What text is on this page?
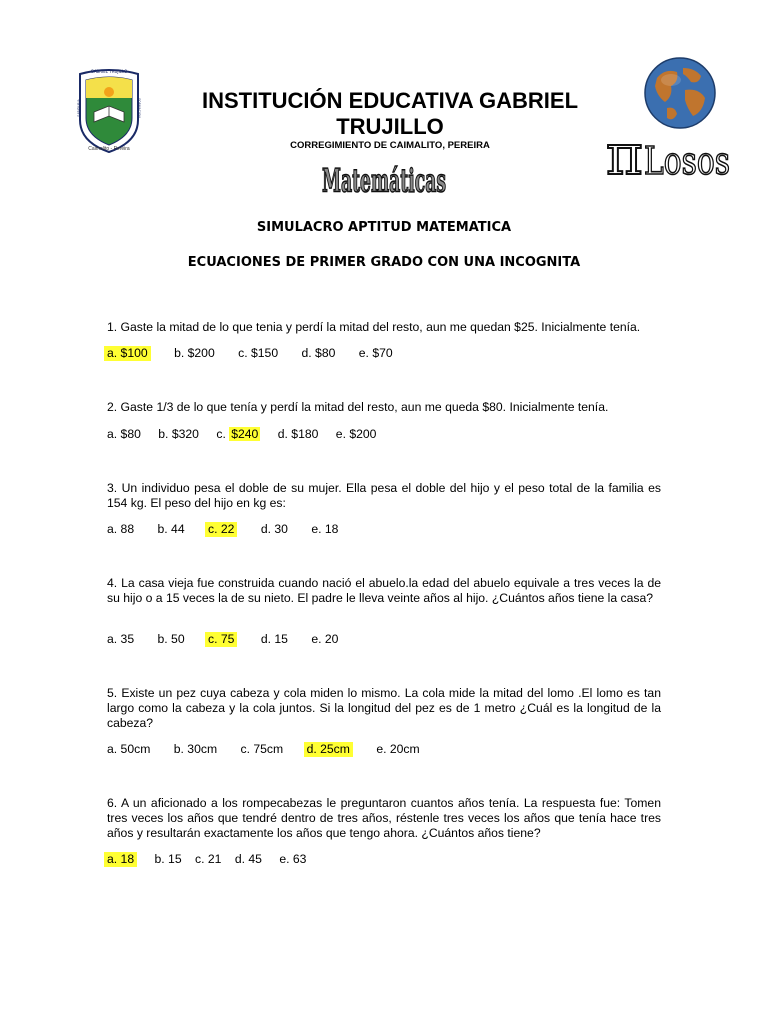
GABRIEL TRUJILLO
SABIDURIA	FORMACION
Caimalito - Pereira
INSTITUCIÓN EDUCATIVA GABRIEL TRUJILLO
CORREGIMIENTO DE CAIMALITO, PEREIRA
Matemáticas	π Losos
SIMULACRO APTITUD MATEMATICA
ECUACIONES DE PRIMER GRADO CON UNA INCOGNITA
1. Gaste la mitad de lo que tenia y perdí la mitad del resto, aun me quedan $25. Inicialmente tenía.
a. $100 b. $200 c. $150 d. $80 e. $70
2. Gaste 1/3 de lo que tenía y perdí la mitad del resto, aun me queda $80. Inicialmente tenía.
a. $80 b. $320 c. $240 d. $180 e. $200
3. Un individuo pesa el doble de su mujer. Ella pesa el doble del hijo y el peso total de la familia es 154 kg. El peso del hijo en kg es:
a. 88 b. 44 c. 22 d. 30 e. 18
4. La casa vieja fue construida cuando nació el abuelo.la edad del abuelo equivale a tres veces la de su hijo o a 15 veces la de su nieto. El padre le lleva veinte años al hijo. ¿Cuántos años tiene la casa?
a. 35 b. 50 c. 75 d. 15 e. 20
5. Existe un pez cuya cabeza y cola miden lo mismo. La cola mide la mitad del lomo .El lomo es tan largo como la cabeza y la cola juntos. Si la longitud del pez es de 1 metro ¿Cuál es la longitud de la cabeza?
a. 50cm b. 30cm c. 75cm d. 25cm e. 20cm
6. A un aficionado a los rompecabezas le preguntaron cuantos años tenía. La respuesta fue: Tomen tres veces los años que tendré dentro de tres años, réstenle tres veces los años que tenía hace tres años y resultarán exactamente los años que tengo ahora. ¿Cuántos años tiene?
a. 18 b. 15 c. 21 d. 45 e. 63
